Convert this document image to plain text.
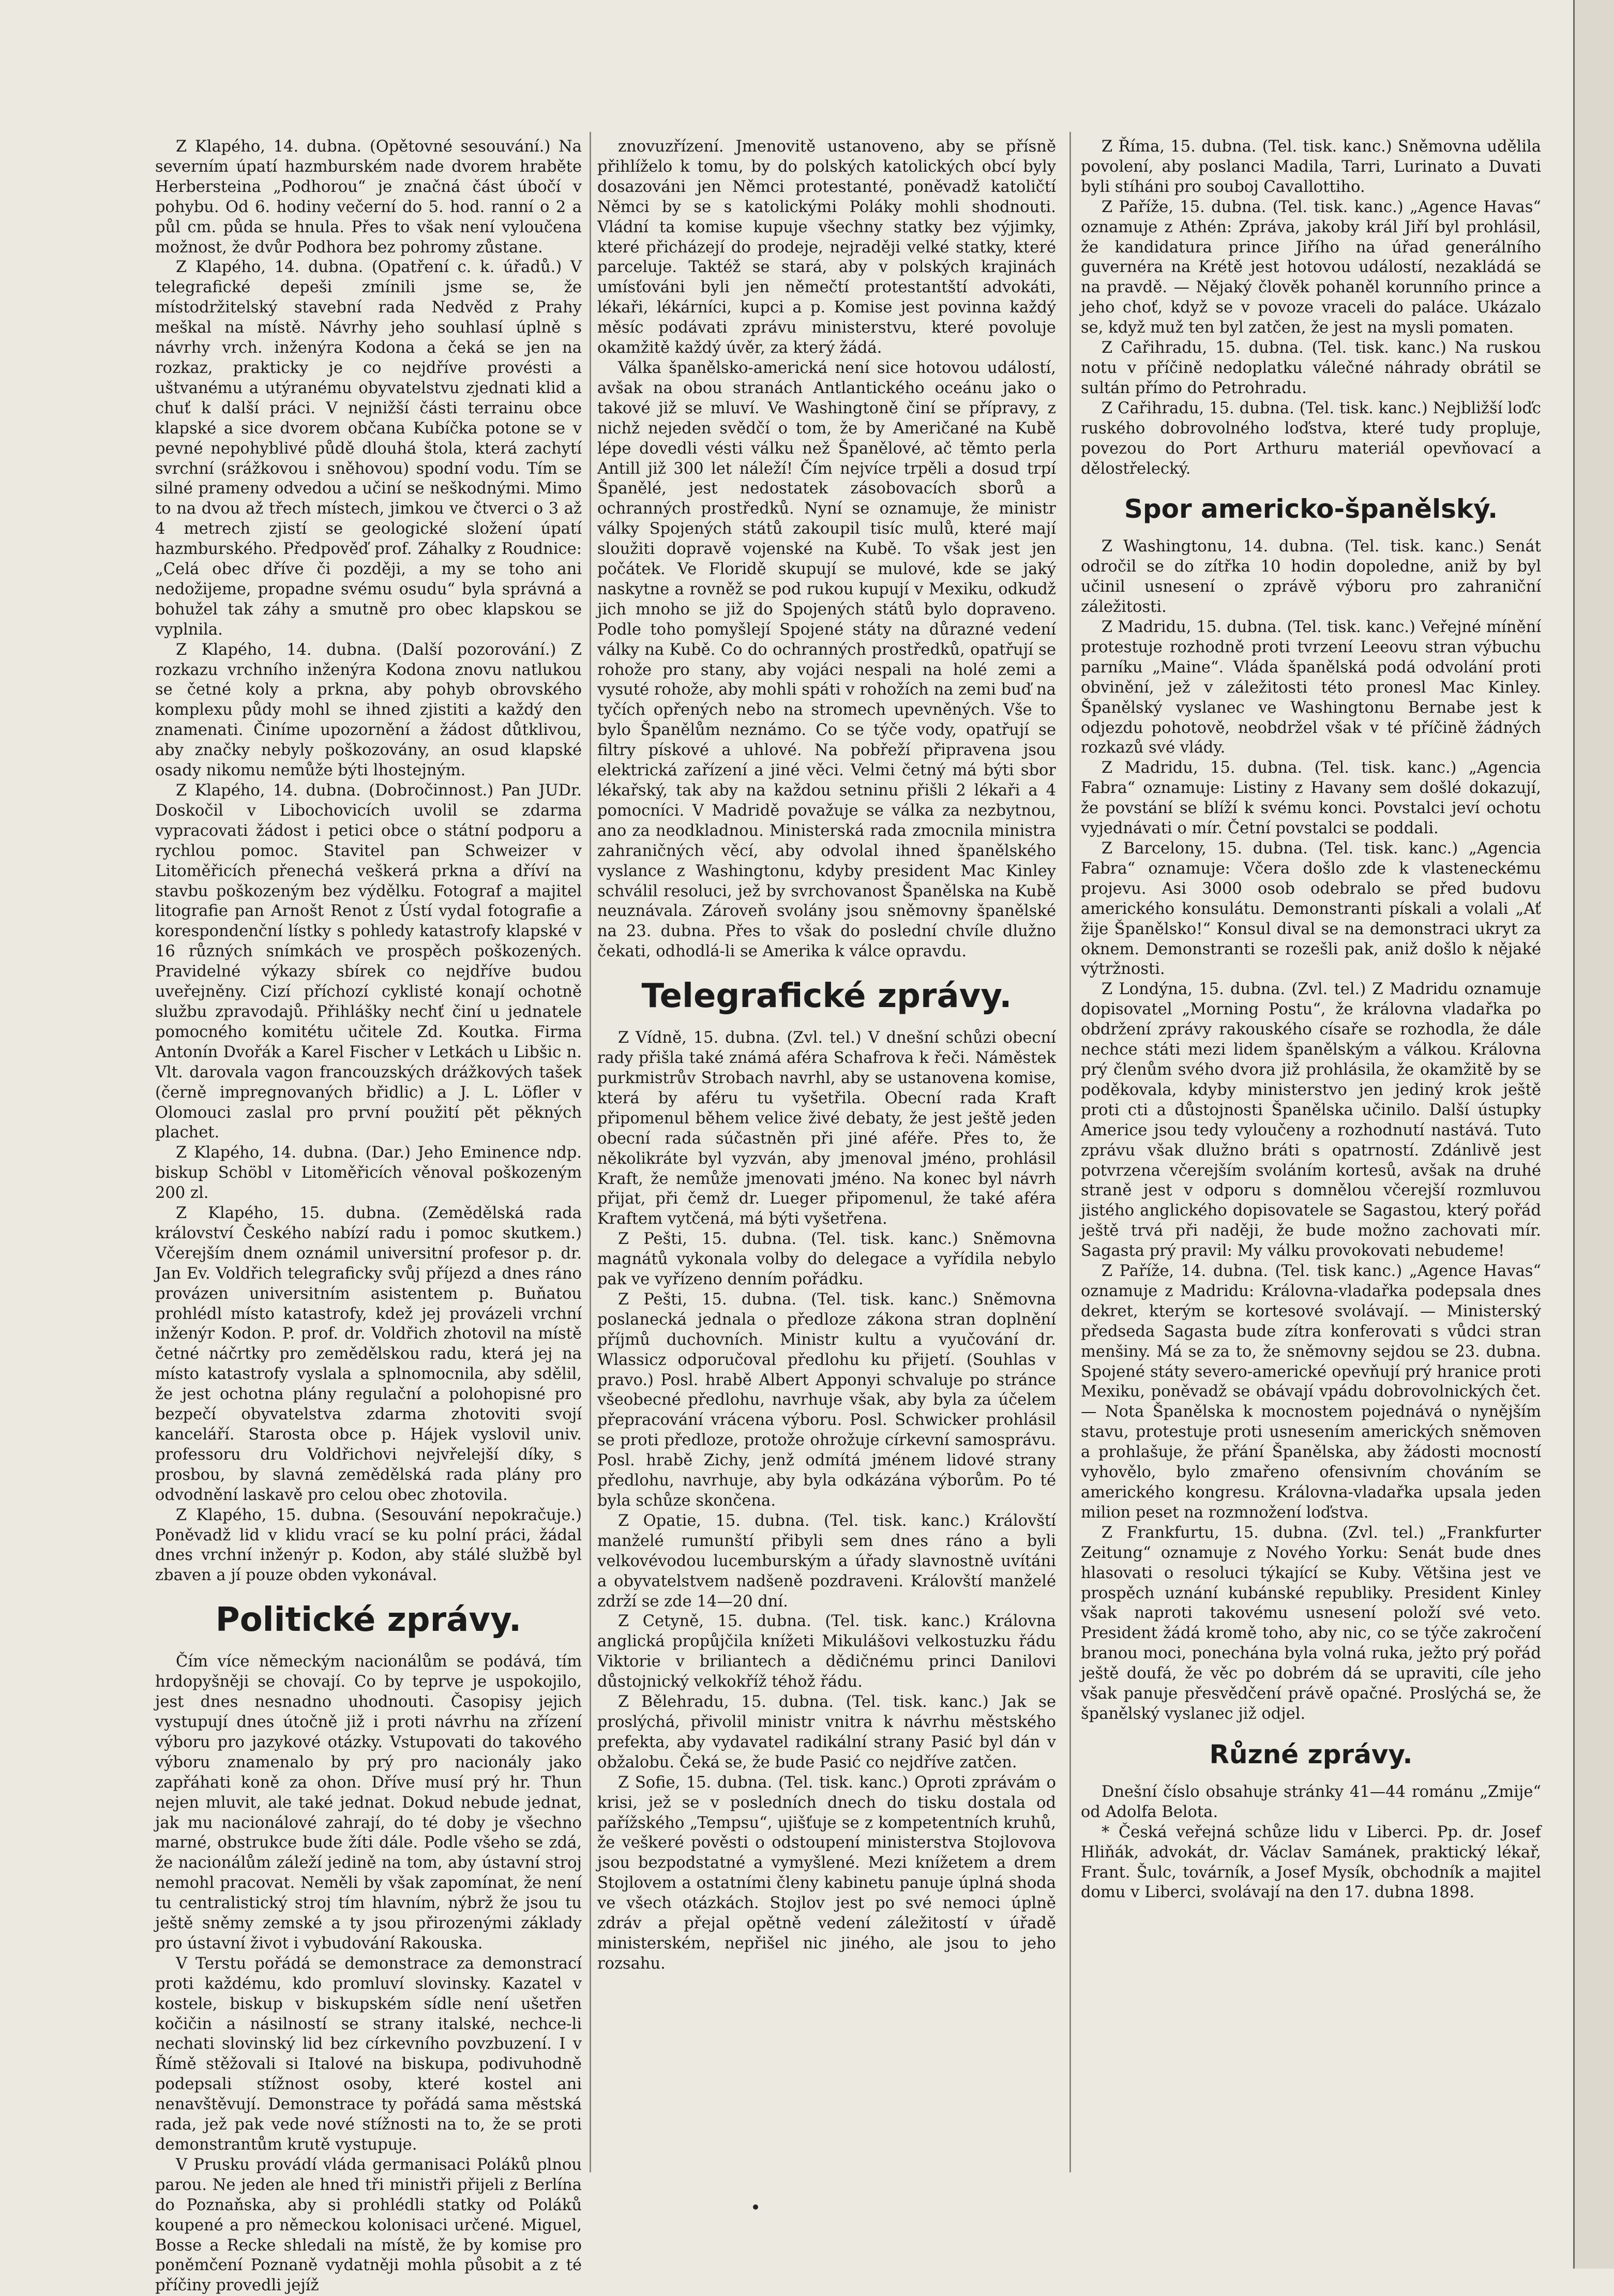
Z Klapého, 14. dubna. (Opětovné sesouvání.) Na severním úpatí hazmburském nade dvorem hraběte Herbersteina „Podhorou“ je značná část úbočí v pohybu. Od 6. hodiny večerní do 5. hod. ranní o 2 a půl cm. půda se hnula. Přes to však není vyloučena možnost, že dvůr Podhora bez pohromy zůstane.

Z Klapého, 14. dubna. (Opatření c. k. úřadů.) V telegrafické depeši zmínili jsme se, že místodržitelský stavební rada Nedvěd z Prahy meškal na místě. Návrhy jeho souhlasí úplně s návrhy vrch. inženýra Kodona a čeká se jen na rozkaz, prakticky je co nejdříve provésti a uštvanému a utýranému obyvatelstvu zjednati klid a chuť k další práci. V nejnižší části terrainu obce klapské a sice dvorem občana Kubíčka potone se v pevné nepohyblivé půdě dlouhá štola, která zachytí svrchní (srážkovou i sněhovou) spodní vodu. Tím se silné prameny odvedou a učiní se neškodnými. Mimo to na dvou až třech místech, jimkou ve čtverci o 3 až 4 metrech zjistí se geologické složení úpatí hazmburského. Předpověď prof. Záhalky z Roudnice: „Celá obec dříve či později, a my se toho ani nedožijeme, propadne svému osudu“ byla správná a bohužel tak záhy a smutně pro obec klapskou se vyplnila.

Z Klapého, 14. dubna. (Další pozorování.) Z rozkazu vrchního inženýra Kodona znovu natlukou se četné koly a prkna, aby pohyb obrovského komplexu půdy mohl se ihned zjistiti a každý den znamenati. Činíme upozornění a žádost důtklivou, aby značky nebyly poškozovány, an osud klapské osady nikomu nemůže býti lhostejným.

Z Klapého, 14. dubna. (Dobročinnost.) Pan JUDr. Doskočil v Libochovicích uvolil se zdarma vypracovati žádost i petici obce o státní podporu a rychlou pomoc. Stavitel pan Schweizer v Litoměřicích přenechá veškerá prkna a dříví na stavbu poškozeným bez výdělku. Fotograf a majitel litografie pan Arnošt Renot z Ústí vydal fotografie a korespondenční lístky s pohledy katastrofy klapské v 16 různých snímkách ve prospěch poškozených. Pravidelné výkazy sbírek co nejdříve budou uveřejněny. Cizí příchozí cyklisté konají ochotně službu zpravodajů. Přihlášky nechť činí u jednatele pomocného komitétu učitele Zd. Koutka. Firma Antonín Dvořák a Karel Fischer v Letkách u Libšic n. Vlt. darovala vagon francouzských drážkových tašek (černě impregnovaných břidlic) a J. L. Löfler v Olomouci zaslal pro první použití pět pěkných plachet.

Z Klapého, 14. dubna. (Dar.) Jeho Eminence ndp. biskup Schöbl v Litoměřicích věnoval poškozeným 200 zl.

Z Klapého, 15. dubna. (Zemědělská rada království Českého nabízí radu i pomoc skutkem.) Včerejším dnem oznámil universitní profesor p. dr. Jan Ev. Voldřich telegraficky svůj příjezd a dnes ráno provázen universitním asistentem p. Buňatou prohlédl místo katastrofy, kdež jej provázeli vrchní inženýr Kodon. P. prof. dr. Voldřich zhotovil na místě četné náčrtky pro zemědělskou radu, která jej na místo katastrofy vyslala a splnomocnila, aby sdělil, že jest ochotna plány regulační a polohopisné pro bezpečí obyvatelstva zdarma zhotoviti svojí kanceláří. Starosta obce p. Hájek vyslovil univ. professoru dru Voldřichovi nejvřelejší díky, s prosbou, by slavná zemědělská rada plány pro odvodnění laskavě pro celou obec zhotovila.

Z Klapého, 15. dubna. (Sesouvání nepokračuje.) Poněvadž lid v klidu vrací se ku polní práci, žádal dnes vrchní inženýr p. Kodon, aby stálé službě byl zbaven a jí pouze obden vykonával.

Politické zprávy.

Čím více německým nacionálům se podává, tím hrdopyšněji se chovají. Co by teprve je uspokojilo, jest dnes nesnadno uhodnouti. Časopisy jejich vystupují dnes útočně již i proti návrhu na zřízení výboru pro jazykové otázky. Vstupovati do takového výboru znamenalo by prý pro nacionály jako zapřáhati koně za ohon. Dříve musí prý hr. Thun nejen mluvit, ale také jednat. Dokud nebude jednat, jak mu nacionálové zahrají, do té doby je všechno marné, obstrukce bude žíti dále. Podle všeho se zdá, že nacionálům záleží jedině na tom, aby ústavní stroj nemohl pracovat. Neměli by však zapomínat, že není tu centralistický stroj tím hlavním, nýbrž že jsou tu ještě sněmy zemské a ty jsou přirozenými základy pro ústavní život i vybudování Rakouska.

V Terstu pořádá se demonstrace za demonstrací proti každému, kdo promluví slovinsky. Kazatel v kostele, biskup v biskupském sídle není ušetřen kočičin a násilností se strany italské, nechce-li nechati slovinský lid bez církevního povzbuzení. I v Římě stěžovali si Italové na biskupa, podivuhodně podepsali stížnost osoby, které kostel ani nenavštěvují. Demonstrace ty pořádá sama městská rada, jež pak vede nové stížnosti na to, že se proti demonstrantům krutě vystupuje.

V Prusku provádí vláda germanisaci Poláků plnou parou. Ne jeden ale hned tři ministři přijeli z Berlína do Poznaňska, aby si prohlédli statky od Poláků koupené a pro německou kolonisaci určené. Miguel, Bosse a Recke shledali na místě, že by komise pro poněmčení Poznaně vydatněji mohla působit a z té příčiny provedli jejíž

znovuzřízení. Jmenovitě ustanoveno, aby se přísně přihlíželo k tomu, by do polských katolických obcí byly dosazováni jen Němci protestanté, poněvadž katoličtí Němci by se s katolickými Poláky mohli shodnouti. Vládní ta komise kupuje všechny statky bez výjimky, které přicházejí do prodeje, nejraději velké statky, které parceluje. Taktéž se stará, aby v polských krajinách umísťováni byli jen němečtí protestantští advokáti, lékaři, lékárníci, kupci a p. Komise jest povinna každý měsíc podávati zprávu ministerstvu, které povoluje okamžitě každý úvěr, za který žádá.

Válka španělsko-americká není sice hotovou událostí, avšak na obou stranách Antlantického oceánu jako o takové již se mluví. Ve Washingtoně činí se přípravy, z nichž nejeden svědčí o tom, že by Američané na Kubě lépe dovedli vésti válku než Španělové, ač těmto perla Antill již 300 let náleží! Čím nejvíce trpěli a dosud trpí Španělé, jest nedostatek zásobovacích sborů a ochranných prostředků. Nyní se oznamuje, že ministr války Spojených států zakoupil tisíc mulů, které mají sloužiti dopravě vojenské na Kubě. To však jest jen počátek. Ve Floridě skupují se mulové, kde se jaký naskytne a rovněž se pod rukou kupují v Mexiku, odkudž jich mnoho se již do Spojených států bylo dopraveno. Podle toho pomyšlejí Spojené státy na důrazné vedení války na Kubě. Co do ochranných prostředků, opatřují se rohože pro stany, aby vojáci nespali na holé zemi a vysuté rohože, aby mohli spáti v rohožích na zemi buď na tyčích opřených nebo na stromech upevněných. Vše to bylo Španělům neznámo. Co se týče vody, opatřují se filtry pískové a uhlové. Na pobřeží připravena jsou elektrická zařízení a jiné věci. Velmi četný má býti sbor lékařský, tak aby na každou setninu přišli 2 lékaři a 4 pomocníci. V Madridě považuje se válka za nezbytnou, ano za neodkladnou. Ministerská rada zmocnila ministra zahraničných věcí, aby odvolal ihned španělského vyslance z Washingtonu, kdyby president Mac Kinley schválil resoluci, jež by svrchovanost Španělska na Kubě neuznávala. Zároveň svolány jsou sněmovny španělské na 23. dubna. Přes to však do poslední chvíle dlužno čekati, odhodlá-li se Amerika k válce opravdu.

Telegrafické zprávy.

Z Vídně, 15. dubna. (Zvl. tel.) V dnešní schůzi obecní rady přišla také známá aféra Schafrova k řeči. Náměstek purkmistrův Strobach navrhl, aby se ustanovena komise, která by aféru tu vyšetřila. Obecní rada Kraft připomenul během velice živé debaty, že jest ještě jeden obecní rada súčastněn při jiné aféře. Přes to, že několikráte byl vyzván, aby jmenoval jméno, prohlásil Kraft, že nemůže jmenovati jméno. Na konec byl návrh přijat, při čemž dr. Lueger připomenul, že také aféra Kraftem vytčená, má býti vyšetřena.

Z Pešti, 15. dubna. (Tel. tisk. kanc.) Sněmovna magnátů vykonala volby do delegace a vyřídila nebylo pak ve vyřízeno denním pořádku.

Z Pešti, 15. dubna. (Tel. tisk. kanc.) Sněmovna poslanecká jednala o předloze zákona stran doplnění příjmů duchovních. Ministr kultu a vyučování dr. Wlassicz odporučoval předlohu ku přijetí. (Souhlas v pravo.) Posl. hrabě Albert Apponyi schvaluje po stránce všeobecné předlohu, navrhuje však, aby byla za účelem přepracování vrácena výboru. Posl. Schwicker prohlásil se proti předloze, protože ohrožuje církevní samosprávu. Posl. hrabě Zichy, jenž odmítá jménem lidové strany předlohu, navrhuje, aby byla odkázána výborům. Po té byla schůze skončena.

Z Opatie, 15. dubna. (Tel. tisk. kanc.) Královští manželé rumunští přibyli sem dnes ráno a byli velkovévodou lucemburským a úřady slavnostně uvítáni a obyvatelstvem nadšeně pozdraveni. Královští manželé zdrží se zde 14—20 dní.

Z Cetyně, 15. dubna. (Tel. tisk. kanc.) Královna anglická propůjčila knížeti Mikulášovi velkostuzku řádu Viktorie v briliantech a dědičnému princi Danilovi důstojnický velkokříž téhož řádu.

Z Bělehradu, 15. dubna. (Tel. tisk. kanc.) Jak se proslýchá, přivolil ministr vnitra k návrhu městského prefekta, aby vydavatel radikální strany Pasić byl dán v obžalobu. Čeká se, že bude Pasić co nejdříve zatčen.

Z Sofie, 15. dubna. (Tel. tisk. kanc.) Oproti zprávám o krisi, jež se v posledních dnech do tisku dostala od pařížského „Tempsu“, ujišťuje se z kompetentních kruhů, že veškeré pověsti o odstoupení ministerstva Stojlovova jsou bezpodstatné a vymyšlené. Mezi knížetem a drem Stojlovem a ostatními členy kabinetu panuje úplná shoda ve všech otázkách. Stojlov jest po své nemoci úplně zdráv a přejal opětně vedení záležitostí v úřadě ministerském, nepřišel nic jiného, ale jsou to jeho rozsahu.

Z Říma, 15. dubna. (Tel. tisk. kanc.) Sněmovna udělila povolení, aby poslanci Madila, Tarri, Lurinato a Duvati byli stíháni pro souboj Cavallottiho.

Z Paříže, 15. dubna. (Tel. tisk. kanc.) „Agence Havas“ oznamuje z Athén: Zpráva, jakoby král Jiří byl prohlásil, že kandidatura prince Jiřího na úřad generálního guvernéra na Krétě jest hotovou událostí, nezakládá se na pravdě. — Nějaký člověk pohaněl korunního prince a jeho choť, když se v povoze vraceli do paláce. Ukázalo se, když muž ten byl zatčen, že jest na mysli pomaten.

Z Cařihradu, 15. dubna. (Tel. tisk. kanc.) Na ruskou notu v příčině nedoplatku válečné náhrady obrátil se sultán přímo do Petrohradu.

Z Cařihradu, 15. dubna. (Tel. tisk. kanc.) Nejbližší loďc ruského dobrovolného loďstva, které tudy propluje, povezou do Port Arthuru materiál opevňovací a dělostřelecký.

Spor americko-španělský.

Z Washingtonu, 14. dubna. (Tel. tisk. kanc.) Senát odročil se do zítřka 10 hodin dopoledne, aniž by byl učinil usnesení o zprávě výboru pro zahraniční záležitosti.

Z Madridu, 15. dubna. (Tel. tisk. kanc.) Veřejné mínění protestuje rozhodně proti tvrzení Leeovu stran výbuchu parníku „Maine“. Vláda španělská podá odvolání proti obvinění, jež v záležitosti této pronesl Mac Kinley. Španělský vyslanec ve Washingtonu Bernabe jest k odjezdu pohotově, neobdržel však v té příčině žádných rozkazů své vlády.

Z Madridu, 15. dubna. (Tel. tisk. kanc.) „Agencia Fabra“ oznamuje: Listiny z Havany sem došlé dokazují, že povstání se blíží k svému konci. Povstalci jeví ochotu vyjednávati o mír. Četní povstalci se poddali.

Z Barcelony, 15. dubna. (Tel. tisk. kanc.) „Agencia Fabra“ oznamuje: Včera došlo zde k vlasteneckému projevu. Asi 3000 osob odebralo se před budovu amerického konsulátu. Demonstranti pískali a volali „Ať žije Španělsko!“ Konsul dival se na demonstraci ukryt za oknem. Demonstranti se rozešli pak, aniž došlo k nějaké výtržnosti.

Z Londýna, 15. dubna. (Zvl. tel.) Z Madridu oznamuje dopisovatel „Morning Postu“, že královna vladařka po obdržení zprávy rakouského císaře se rozhodla, že dále nechce státi mezi lidem španělským a válkou. Královna prý členům svého dvora již prohlásila, že okamžitě by se poděkovala, kdyby ministerstvo jen jediný krok ještě proti cti a důstojnosti Španělska učinilo. Další ústupky Americe jsou tedy vyloučeny a rozhodnutí nastává. Tuto zprávu však dlužno bráti s opatrností. Zdánlivě jest potvrzena včerejším svoláním kortesů, avšak na druhé straně jest v odporu s domnělou včerejší rozmluvou jistého anglického dopisovatele se Sagastou, který pořád ještě trvá při naději, že bude možno zachovati mír. Sagasta prý pravil: My válku provokovati nebudeme!

Z Paříže, 14. dubna. (Tel. tisk kanc.) „Agence Havas“ oznamuje z Madridu: Královna-vladařka podepsala dnes dekret, kterým se kortesové svolávají. — Ministerský předseda Sagasta bude zítra konferovati s vůdci stran menšiny. Má se za to, že sněmovny sejdou se 23. dubna. Spojené státy severo-americké opevňují prý hranice proti Mexiku, poněvadž se obávají vpádu dobrovolnických čet. — Nota Španělska k mocnostem pojednává o nynějším stavu, protestuje proti usnesením amerických sněmoven a prohlašuje, že přání Španělska, aby žádosti mocností vyhovělo, bylo zmařeno ofensivním chováním se amerického kongresu. Královna-vladařka upsala jeden milion peset na rozmnožení loďstva.

Z Frankfurtu, 15. dubna. (Zvl. tel.) „Frankfurter Zeitung“ oznamuje z Nového Yorku: Senát bude dnes hlasovati o resoluci týkající se Kuby. Většina jest ve prospěch uznání kubánské republiky. President Kinley však naproti takovému usnesení položí své veto. President žádá kromě toho, aby nic, co se týče zakročení branou moci, ponechána byla volná ruka, ježto prý pořád ještě doufá, že věc po dobrém dá se upraviti, cíle jeho však panuje přesvědčení právě opačné. Proslýchá se, že španělský vyslanec již odjel.

Různé zprávy.

Dnešní číslo obsahuje stránky 41—44 románu „Zmije“ od Adolfa Belota.

* Česká veřejná schůze lidu v Liberci. Pp. dr. Josef Hliňák, advokát, dr. Václav Samánek, praktický lékař, Frant. Šulc, továrník, a Josef Mysík, obchodník a majitel domu v Liberci, svolávají na den 17. dubna 1898.
